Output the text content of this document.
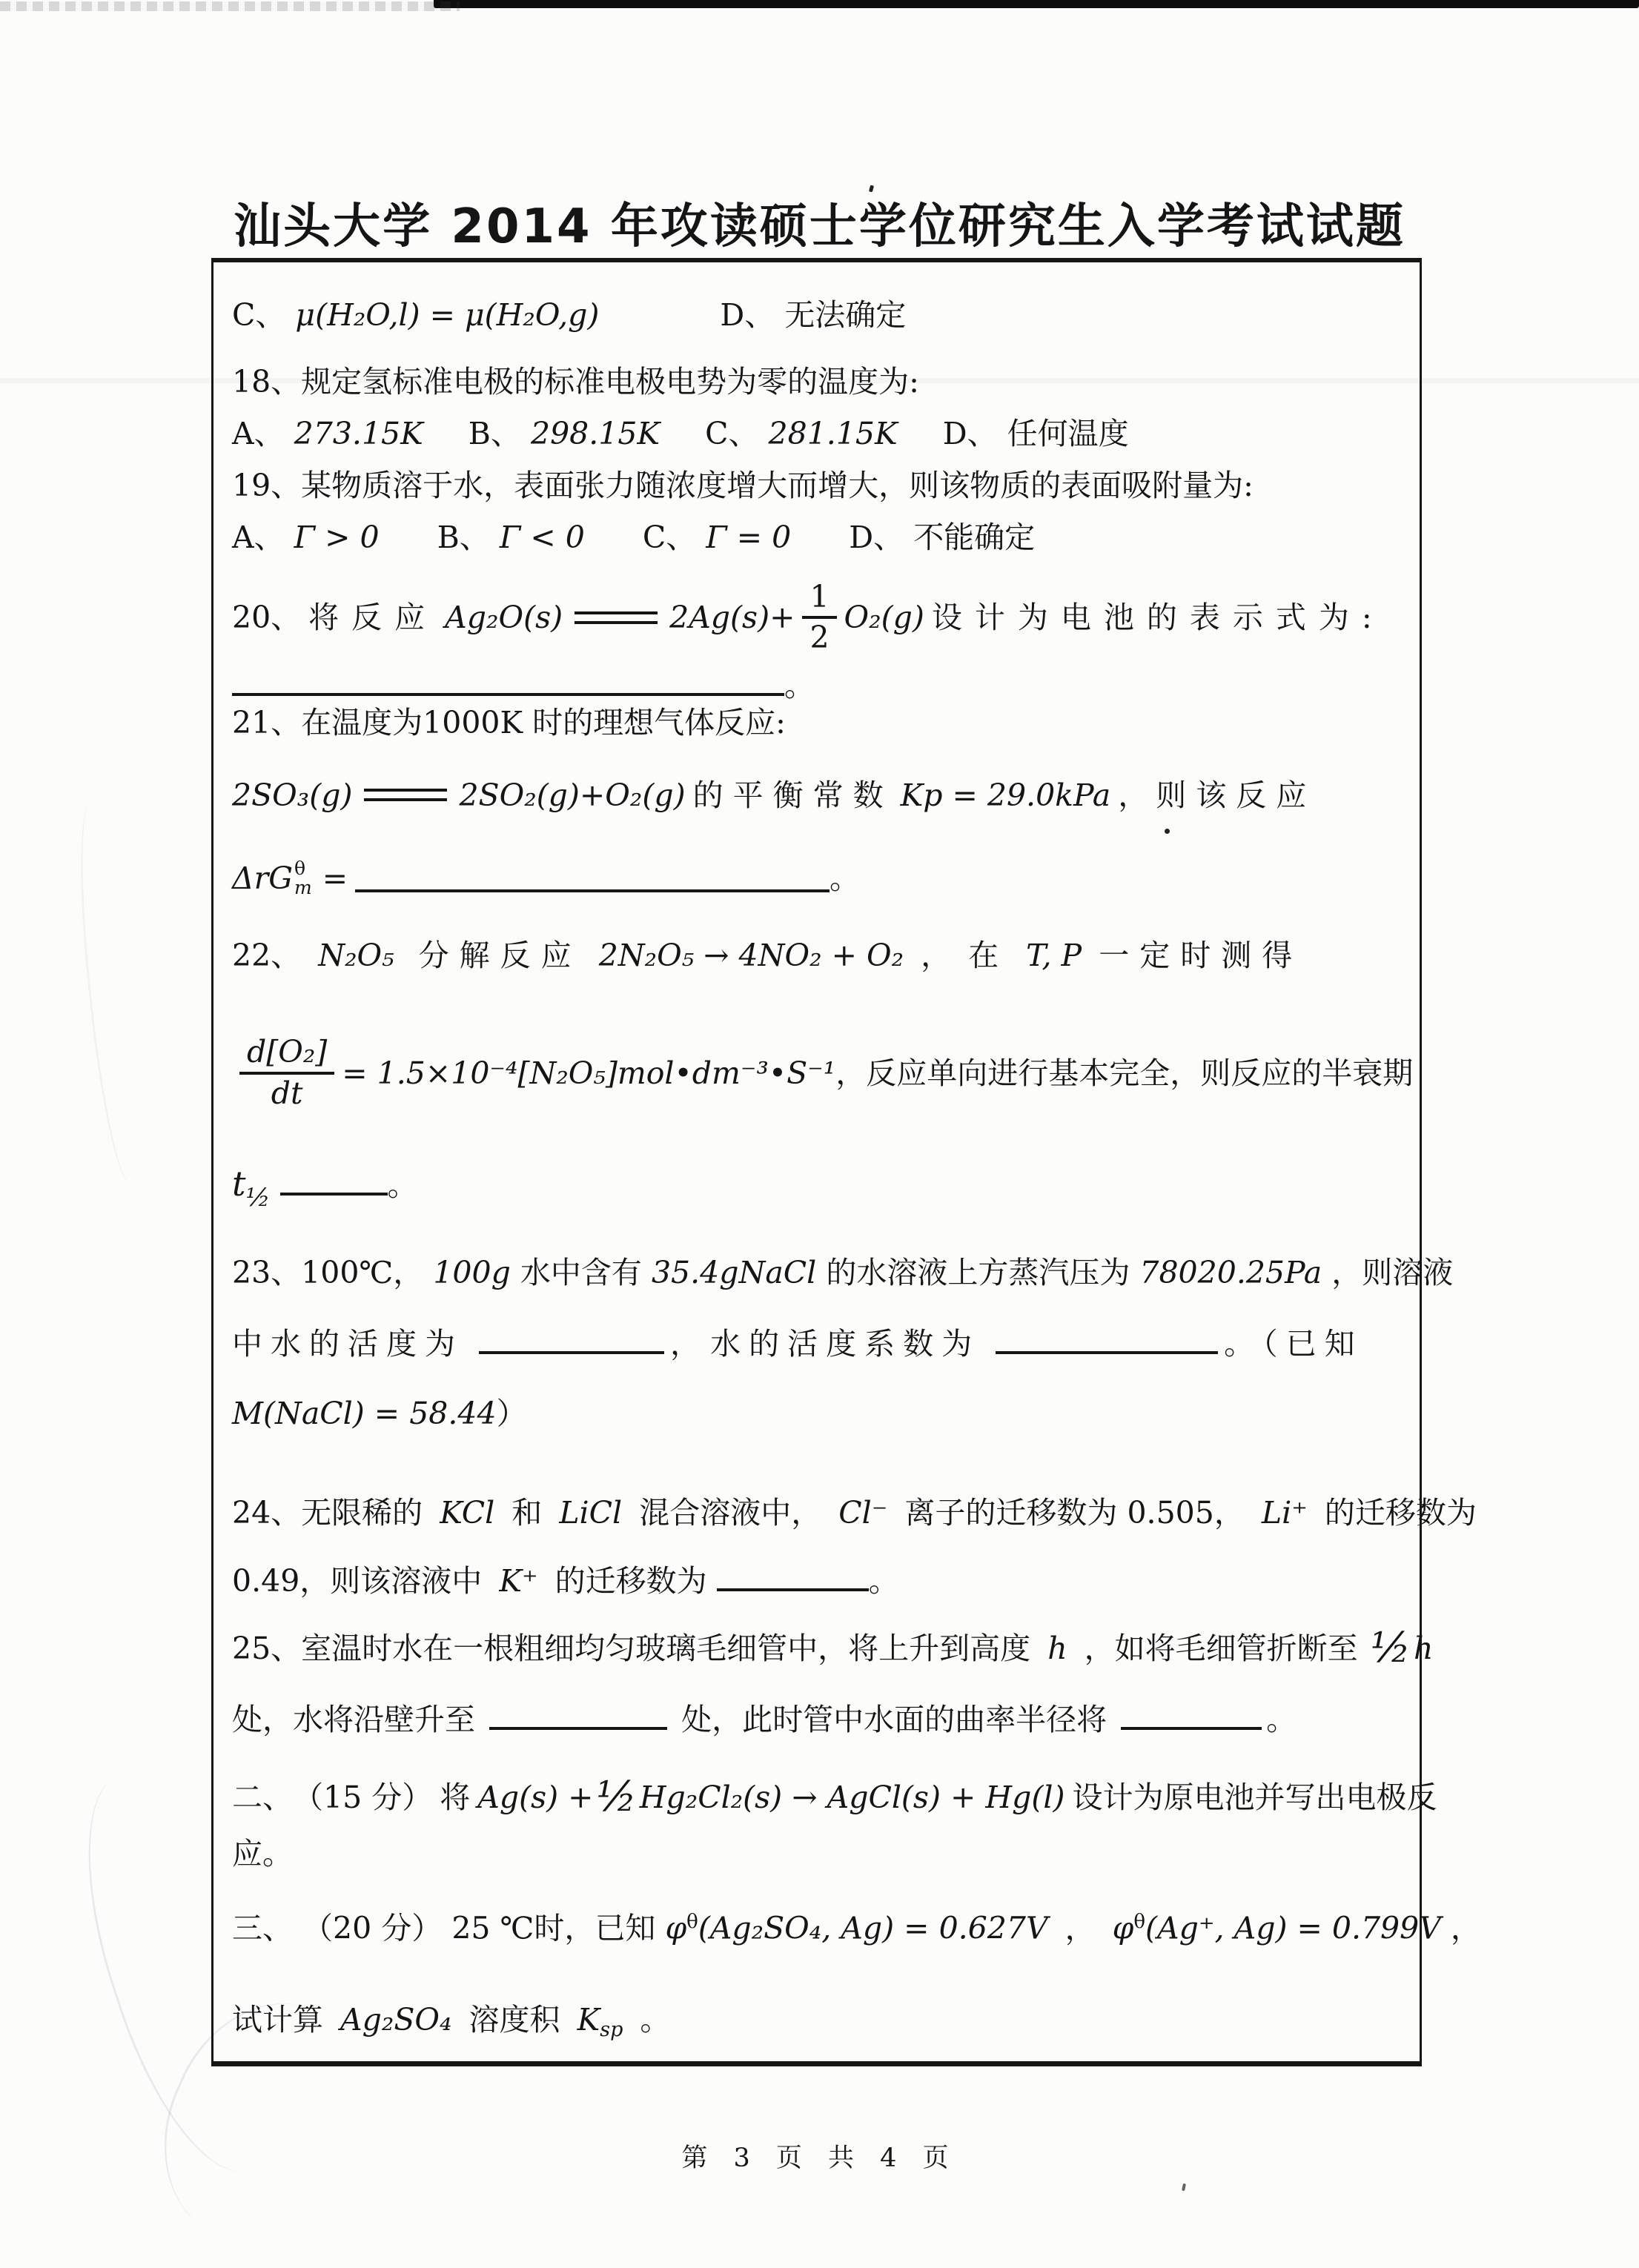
汕头大学 2014 年攻读硕士学位研究生入学考试试题
C、 μ(H₂O,l) = μ(H₂O,g)	D、 无法确定
18、规定氢标准电极的标准电极电势为零的温度为:
A、 273.15K B、 298.15K C、 281.15K D、 任何温度
19、某物质溶于水，表面张力随浓度增大而增大，则该物质的表面吸附量为:
A、 Γ > 0 B、 Γ < 0 C、 Γ = 0 D、 不能确定
20、 将反应 Ag₂O(s)	$2Ag(s)+ \frac{1}{2} O_2(g)$ 设计为电池的表示式为:
。
21、在温度为1000K 时的理想气体反应:
2SO₃(g)	2SO₂(g)+O₂(g) 的平衡常数 Kp = 29.0kPa ， 则该反应
ΔrG θ
m =	。
22、 N₂O₅ 分解反应 2N₂O₅ → 4NO₂ + O₂ ， 在 T, P 一定时测得
$\frac{\text{d[O₂]}}{dt}$ = 1.5×10⁻⁴[N₂O₅]mol•dm⁻³•S⁻¹ ，反应单向进行基本完全，则反应的半衰期
$t_{\frac{1}{2}}$	。
23、100℃， 100g 水中含有 35.4gNaCl 的水溶液上方蒸汽压为 78020.25Pa ，则溶液
中水的活度为	， 水的活度系数为	。（已知
M(NaCl) = 58.44）
24、无限稀的 KCl 和 LiCl 混合溶液中， Cl⁻ 离子的迁移数为 0.505， Li⁺ 的迁移数为
0.49，则该溶液中 K⁺ 的迁移数为	。
25、室温时水在一根粗细均匀玻璃毛细管中，将上升到高度 h ，如将毛细管折断至 ½h
处，水将沿壁升至	处，此时管中水面的曲率半径将	。
二、 （15 分） 将 Ag(s) + ½ Hg₂Cl₂(s) → AgCl(s) + Hg(l) 设计为原电池并写出电极反
应。
三、 （20 分） 25 ℃时，已知 $\varphi^\theta(Ag_2SO_4$, Ag) = 0.627V ， $\varphi^\theta(Ag^+$, Ag) = 0.799V ，
试计算 Ag₂SO₄ 溶度积 Ksp 。
第 3 页 共 4 页
